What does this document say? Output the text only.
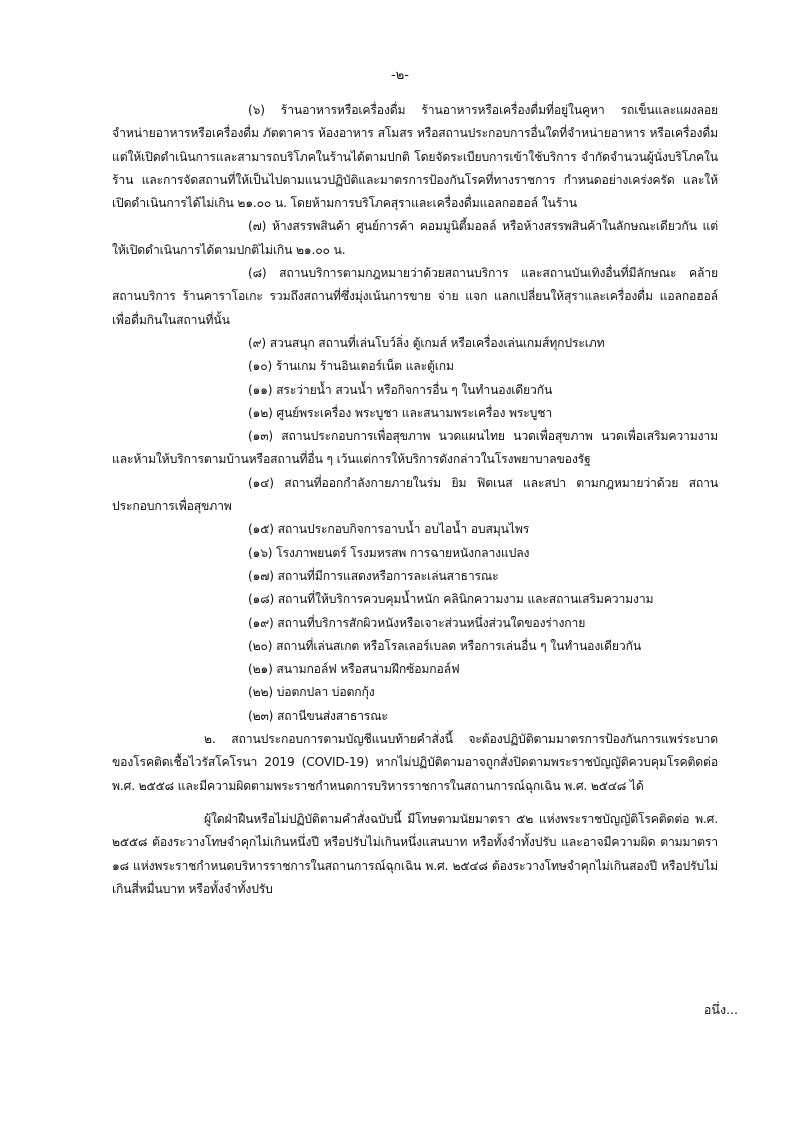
-๒-

(๖) ร้านอาหารหรือเครื่องดื่ม ร้านอาหารหรือเครื่องดื่มที่อยู่ในคูหา รถเข็นและแผงลอย จำหน่ายอาหารหรือเครื่องดื่ม ภัตตาคาร ห้องอาหาร สโมสร หรือสถานประกอบการอื่นใดที่จำหน่ายอาหาร หรือเครื่องดื่ม แต่ให้เปิดดำเนินการและสามารถบริโภคในร้านได้ตามปกติ โดยจัดระเบียบการเข้าใช้บริการ จำกัดจำนวนผู้นั่งบริโภคในร้าน และการจัดสถานที่ให้เป็นไปตามแนวปฏิบัติและมาตรการป้องกันโรคที่ทางราชการ กำหนดอย่างเคร่งครัด และให้เปิดดำเนินการได้ไม่เกิน ๒๑.๐๐ น. โดยห้ามการบริโภคสุราและเครื่องดื่มแอลกอฮอล์ ในร้าน

(๗) ห้างสรรพสินค้า ศูนย์การค้า คอมมูนิตี้มอลล์ หรือห้างสรรพสินค้าในลักษณะเดียวกัน แต่ให้เปิดดำเนินการได้ตามปกติไม่เกิน ๒๑.๐๐ น.

(๘) สถานบริการตามกฎหมายว่าด้วยสถานบริการ และสถานบันเทิงอื่นที่มีลักษณะ คล้ายสถานบริการ ร้านคาราโอเกะ รวมถึงสถานที่ซึ่งมุ่งเน้นการขาย จ่าย แจก แลกเปลี่ยนให้สุราและเครื่องดื่ม แอลกอฮอล์เพื่อดื่มกินในสถานที่นั้น

(๙) สวนสนุก สถานที่เล่นโบว์ลิ่ง ตู้เกมส์ หรือเครื่องเล่นเกมส์ทุกประเภท

(๑๐) ร้านเกม ร้านอินเตอร์เน็ต และตู้เกม

(๑๑) สระว่ายน้ำ สวนน้ำ หรือกิจการอื่น ๆ ในทำนองเดียวกัน

(๑๒) ศูนย์พระเครื่อง พระบูชา และสนามพระเครื่อง พระบูชา

(๑๓) สถานประกอบการเพื่อสุขภาพ นวดแผนไทย นวดเพื่อสุขภาพ นวดเพื่อเสริมความงาม และห้ามให้บริการตามบ้านหรือสถานที่อื่น ๆ เว้นแต่การให้บริการดังกล่าวในโรงพยาบาลของรัฐ

(๑๔) สถานที่ออกกำลังกายภายในร่ม ยิม ฟิตเนส และสปา ตามกฎหมายว่าด้วย สถานประกอบการเพื่อสุขภาพ

(๑๕) สถานประกอบกิจการอาบน้ำ อบไอน้ำ อบสมุนไพร

(๑๖) โรงภาพยนตร์ โรงมหรสพ การฉายหนังกลางแปลง

(๑๗) สถานที่มีการแสดงหรือการละเล่นสาธารณะ

(๑๘) สถานที่ให้บริการควบคุมน้ำหนัก คลินิกความงาม และสถานเสริมความงาม

(๑๙) สถานที่บริการสักผิวหนังหรือเจาะส่วนหนึ่งส่วนใดของร่างกาย

(๒๐) สถานที่เล่นสเกต หรือโรลเลอร์เบลด หรือการเล่นอื่น ๆ ในทำนองเดียวกัน

(๒๑) สนามกอล์ฟ หรือสนามฝึกซ้อมกอล์ฟ

(๒๒) บ่อตกปลา บ่อตกกุ้ง

(๒๓) สถานีขนส่งสาธารณะ

๒. สถานประกอบการตามบัญชีแนบท้ายคำสั่งนี้ จะต้องปฏิบัติตามมาตรการป้องกันการแพร่ระบาด ของโรคติดเชื้อไวรัสโคโรนา 2019 (COVID-19) หากไม่ปฏิบัติตามอาจถูกสั่งปิดตามพระราชบัญญัติควบคุมโรคติดต่อ พ.ศ. ๒๕๕๘ และมีความผิดตามพระราชกำหนดการบริหารราชการในสถานการณ์ฉุกเฉิน พ.ศ. ๒๕๔๘ ได้

ผู้ใดฝ่าฝืนหรือไม่ปฏิบัติตามคำสั่งฉบับนี้ มีโทษตามนัยมาตรา ๕๒ แห่งพระราชบัญญัติโรคติดต่อ พ.ศ. ๒๕๕๘ ต้องระวางโทษจำคุกไม่เกินหนึ่งปี หรือปรับไม่เกินหนึ่งแสนบาท หรือทั้งจำทั้งปรับ และอาจมีความผิด ตามมาตรา ๑๘ แห่งพระราชกำหนดบริหารราชการในสถานการณ์ฉุกเฉิน พ.ศ. ๒๕๔๘ ต้องระวางโทษจำคุกไม่เกินสองปี หรือปรับไม่เกินสี่หมื่นบาท หรือทั้งจำทั้งปรับ

อนึ่ง...
